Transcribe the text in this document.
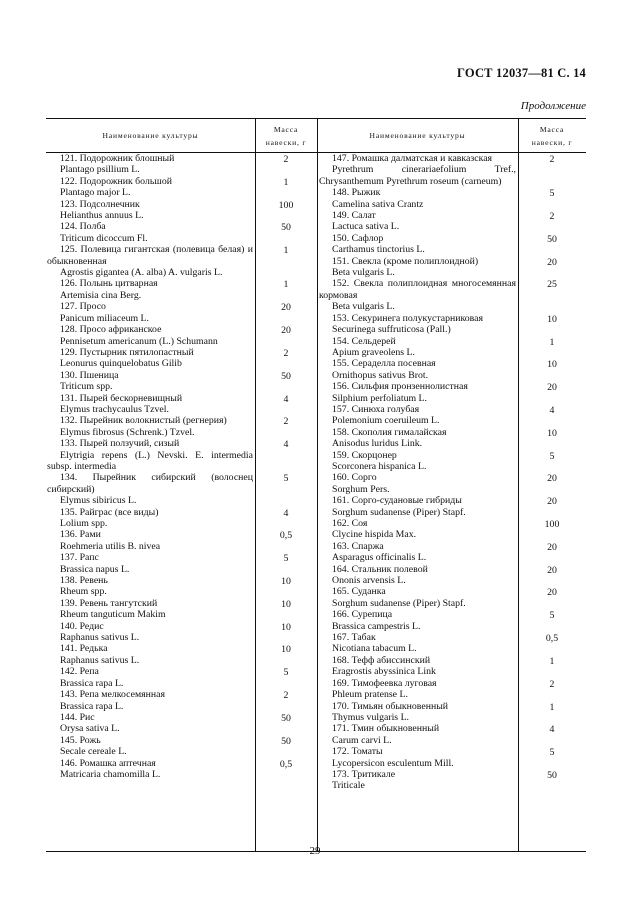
ГОСТ 12037—81 С. 14
Продолжение
Наименование культуры
Масса
навески, г
Наименование культуры
Масса
навески, г
121. Подорожник блошный
Plantago psillium L.
122. Подорожник большой
Plantago major L.
123. Подсолнечник
Helianthus annuus L.
124. Полба
Triticum dicoccum Fl.
125. Полевица гигантская (полевица белая) и обыкновенная
Agrostis gigantea (A. alba) A. vulgaris L.
126. Полынь цитварная
Artemisia cina Berg.
127. Просо
Panicum miliaceum L.
128. Просо африканское
Pennisetum americanum (L.) Schumann
129. Пустырник пятилопастный
Leonurus quinquelobatus Gilib
130. Пшеница
Triticum spp.
131. Пырей бескорневищный
Elymus trachycaulus Tzvel.
132. Пырейник волокнистый (регнерия)
Elymus fibrosus (Schrenk.) Tzvel.
133. Пырей ползучий, сизый
Elytrigia repens (L.) Nevski. E. intermedia subsp. intermedia
134. Пырейник сибирский (волоснец сибирский)
Elymus sibiricus L.
135. Райграс (все виды)
Lolium spp.
136. Рами
Roehmeria utilis B. nivea
137. Рапс
Brassica napus L.
138. Ревень
Rheum spp.
139. Ревень тангутский
Rheum tanguticum Makim
140. Редис
Raphanus sativus L.
141. Редька
Raphanus sativus L.
142. Репа
Brassica rapa L.
143. Репа мелкосемянная
Brassica rapa L.
144. Рис
Orysa sativa L.
145. Рожь
Secale cereale L.
146. Ромашка аптечная
Matricaria chamomilla L.
2
1
100
50
1
1
20
20
2
50
4
2
4
5
4
0,5
5
10
10
10
10
5
2
50
50
0,5
147. Ромашка далматская и кавказская
Pyrethrum cinerariaefolium Tref., Chrysanthemum Pyrethrum roseum (carneum)
148. Рыжик
Camelina sativa Crantz
149. Салат
Lactuca sativa L.
150. Сафлор
Carthamus tinctorius L.
151. Свекла (кроме полиплоидной)
Beta vulgaris L.
152. Свекла полиплоидная многосемянная кормовая
Beta vulgaris L.
153. Секуринега полукустарниковая
Securinega suffruticosa (Pall.)
154. Сельдерей
Apium graveolens L.
155. Сераделла посевная
Ornithopus sativus Brot.
156. Сильфия пронзеннолистная
Silphium perfoliatum L.
157. Синюха голубая
Polemonium coeruileum L.
158. Скополия гималайская
Anisodus luridus Link.
159. Скорцонер
Scorconera hispanica L.
160. Сорго
Sorghum Pers.
161. Сорго-судановые гибриды
Sorghum sudanense (Piper) Stapf.
162. Соя
Clycine hispida Max.
163. Спаржа
Asparagus officinalis L.
164. Стальник полевой
Ononis arvensis L.
165. Суданка
Sorghum sudanense (Piper) Stapf.
166. Сурепица
Brassica campestris L.
167. Табак
Nicotiana tabacum L.
168. Тефф абиссинский
Eragrostis abyssinica Link
169. Тимофеевка луговая
Phleum pratense L.
170. Тимьян обыкновенный
Thymus vulgaris L.
171. Тмин обыкновенный
Carum carvi L.
172. Томаты
Lycopersicon esculentum Mill.
173. Тритикале
Triticale
2
5
2
50
20
25
10
1
10
20
4
10
5
20
20
100
20
20
20
5
0,5
1
2
1
4
5
50
29
